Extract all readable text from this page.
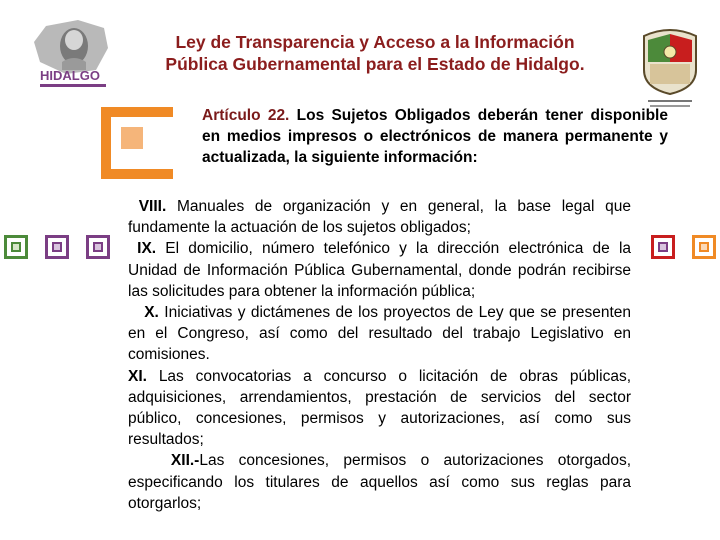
HIDALGO
Ley de Transparencia y Acceso a la Información
Pública Gubernamental para el Estado de Hidalgo.

Artículo 22. Los Sujetos Obligados deberán tener disponible en medios impresos o electrónicos de manera permanente y actualizada, la siguiente información:

VIII. Manuales de organización y en general, la base legal que fundamente la actuación de los sujetos obligados;

IX. El domicilio, número telefónico y la dirección electrónica de la Unidad de Información Pública Gubernamental, donde podrán recibirse las solicitudes para obtener la información pública;

X. Iniciativas y dictámenes de los proyectos de Ley que se presenten en el Congreso, así como del resultado del trabajo Legislativo en comisiones.

XI. Las convocatorias a concurso o licitación de obras públicas, adquisiciones, arrendamientos, prestación de servicios del sector público, concesiones, permisos y autorizaciones, así como sus resultados;

XII.-Las concesiones, permisos o autorizaciones otorgados, especificando los titulares de aquellos así como sus reglas para otorgarlos;
